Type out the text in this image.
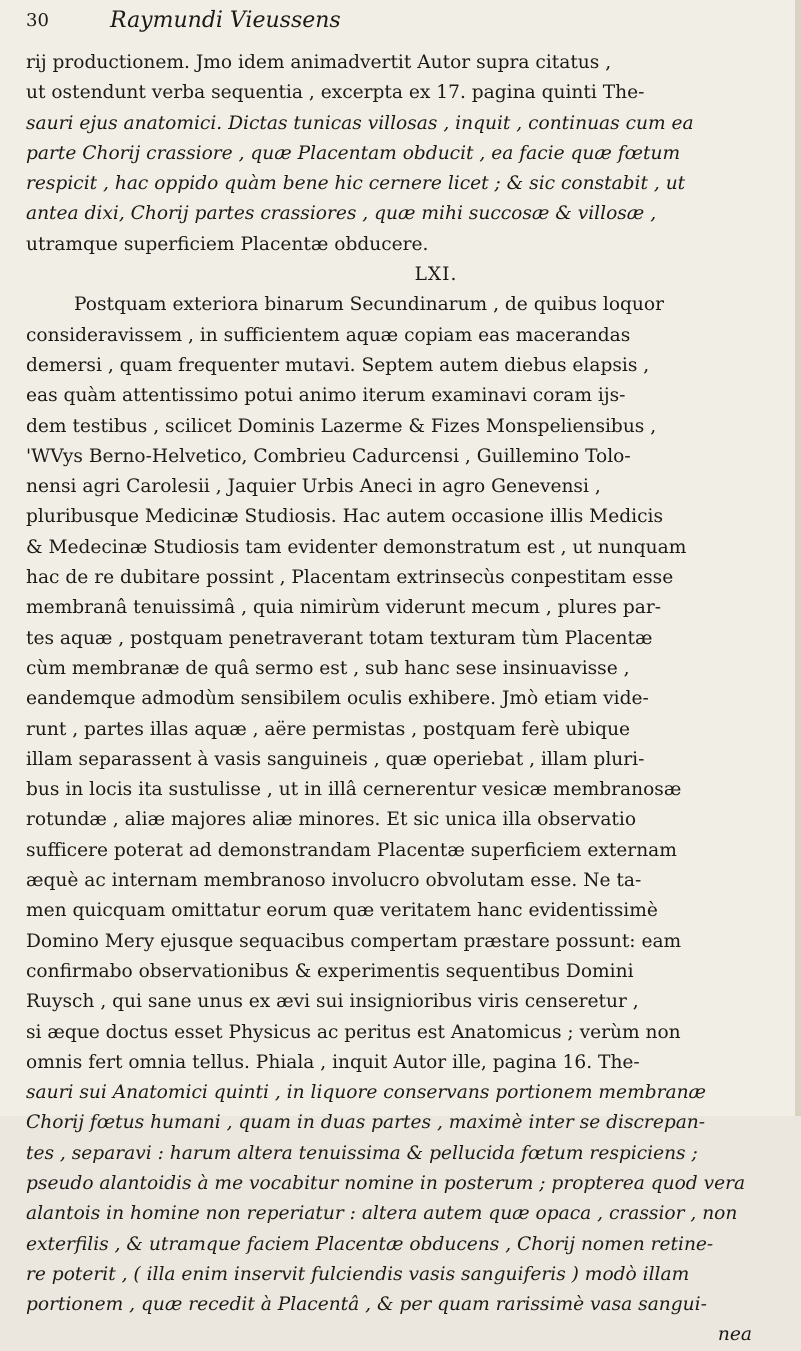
30	Raymundi Vieussens
rij productionem. Jmo idem animadvertit Autor supra citatus ,
ut ostendunt verba sequentia , excerpta ex 17. pagina quinti The-
sauri ejus anatomici. Dictas tunicas villosas , inquit , continuas cum ea
parte Chorij crassiore , quæ Placentam obducit , ea facie quæ fœtum
respicit , hac oppido quàm bene hic cernere licet ; & sic constabit , ut
antea dixi, Chorij partes crassiores , quæ mihi succosæ & villosæ ,
utramque superficiem Placentæ obducere.
LXI.
Postquam exteriora binarum Secundinarum , de quibus loquor
consideravissem , in sufficientem aquæ copiam eas macerandas
demersi , quam frequenter mutavi. Septem autem diebus elapsis ,
eas quàm attentissimo potui animo iterum examinavi coram ijs-
dem testibus , scilicet Dominis Lazerme & Fizes Monspeliensibus ,
'WVys Berno-Helvetico, Combrieu Cadurcensi , Guillemino Tolo-
nensi agri Carolesii , Jaquier Urbis Aneci in agro Genevensi ,
pluribusque Medicinæ Studiosis. Hac autem occasione illis Medicis
& Medecinæ Studiosis tam evidenter demonstratum est , ut nunquam
hac de re dubitare possint , Placentam extrinsecùs conpestitam esse
membranâ tenuissimâ , quia nimirùm viderunt mecum , plures par-
tes aquæ , postquam penetraverant totam texturam tùm Placentæ
cùm membranæ de quâ sermo est , sub hanc sese insinuavisse ,
eandemque admodùm sensibilem oculis exhibere. Jmò etiam vide-
runt , partes illas aquæ , aëre permistas , postquam ferè ubique
illam separassent à vasis sanguineis , quæ operiebat , illam pluri-
bus in locis ita sustulisse , ut in illâ cernerentur vesicæ membranosæ
rotundæ , aliæ majores aliæ minores. Et sic unica illa observatio
sufficere poterat ad demonstrandam Placentæ superficiem externam
æquè ac internam membranoso involucro obvolutam esse. Ne ta-
men quicquam omittatur eorum quæ veritatem hanc evidentissimè
Domino Mery ejusque sequacibus compertam præstare possunt: eam
confirmabo observationibus & experimentis sequentibus Domini
Ruysch , qui sane unus ex ævi sui insignioribus viris censeretur ,
si æque doctus esset Physicus ac peritus est Anatomicus ; verùm non
omnis fert omnia tellus. Phiala , inquit Autor ille, pagina 16. The-
sauri sui Anatomici quinti , in liquore conservans portionem membranæ
Chorij fœtus humani , quam in duas partes , maximè inter se discrepan-
tes , separavi : harum altera tenuissima & pellucida fœtum respiciens ;
pseudo alantoidis à me vocabitur nomine in posterum ; propterea quod vera
alantois in homine non reperiatur : altera autem quæ opaca , crassior , non
exterfilis , & utramque faciem Placentæ obducens , Chorij nomen retine-
re poterit , ( illa enim inservit fulciendis vasis sanguiferis ) modò illam
portionem , quæ recedit à Placentâ , & per quam rarissimè vasa sangui-
nea
